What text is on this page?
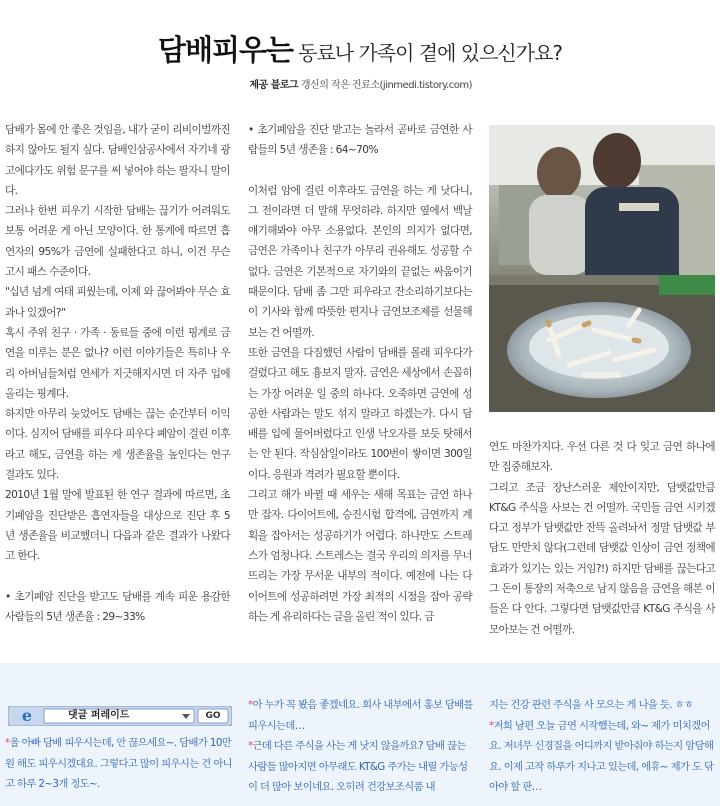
담배피우는 동료나 가족이 곁에 있으신가요?
제공 블로그 갱신의 작은 진료소(jinmedi.tistory.com)

담배가 몸에 안 좋은 것임을, 내가 굳이 리비이벌까진 하지 않아도 될지 싶다. 담배인삼공사에서 자기네 광고에다가도 위험 문구를 써 넣어야 하는 팔자니 말이다.

그러나 한번 피우기 시작한 담배는 끊기가 어려워도 보통 어려운 게 아닌 모양이다. 한 통계에 따르면 흡연자의 95%가 금연에 실패한다고 하니, 이건 무슨 고시 패스 수준이다.

"십년 넘게 여태 피웠는데, 이제 와 끊어봐야 무슨 효과나 있겠어?"

혹시 주위 친구 · 가족 · 동료들 중에 이런 핑계로 금연을 미루는 분은 없나? 이런 이야기들은 특히나 우리 아버님들처럼 연세가 지긋해지시면 더 자주 입에 올리는 핑계다.

하지만 아무리 늦었어도 담배는 끊는 순간부터 이익이다. 심지어 담배를 피우다 피우다 폐암이 걸린 이후라고 해도, 금연을 하는 게 생존율을 높인다는 연구 결과도 있다.

2010년 1월 말에 발표된 한 연구 결과에 따르면, 초기폐암을 진단받은 흡연자들을 대상으로 진단 후 5년 생존율을 비교했더니 다음과 같은 결과가 나왔다고 한다.

• 초기폐암 진단을 받고도 담배를 계속 피운 용감한 사람들의 5년 생존율 : 29~33%

• 초기폐암을 진단 받고는 놀라서 곧바로 금연한 사람들의 5년 생존율 : 64~70%

이처럼 암에 걸린 이후라도 금연을 하는 게 낫다니, 그 전이라면 더 말해 무엇하랴. 하지만 옆에서 백날 얘기해봐야 아무 소용없다. 본인의 의지가 없다면, 금연은 가족이나 친구가 아무리 권유해도 성공할 수 없다. 금연은 기본적으로 자기와의 끝없는 싸움이기 때문이다. 담배 좀 그만 피우라고 잔소리하기보다는 이 기사와 함께 따뜻한 편지나 금연보조제를 선물해보는 건 어떨까.

또한 금연을 다짐했던 사람이 담배를 몰래 피우다가 걸렸다고 해도 흉보지 말자. 금연은 세상에서 손꼽히는 가장 어려운 일 중의 하나다. 오죽하면 금연에 성공한 사람과는 말도 섞지 말라고 하겠는가. 다시 담배를 입에 물어버렸다고 인생 낙오자를 보듯 탓해서는 안 된다. 작심삼일이라도 100번이 쌓이면 300일이다. 응원과 격려가 필요할 뿐이다.

그리고 해가 바뀔 때 세우는 새해 목표는 금연 하나만 잡자. 다이어트에, 승진시험 합격에, 금연까지 계획을 잡아서는 성공하기가 어렵다. 하나만도 스트레스가 엄청나다. 스트레스는 결국 우리의 의지를 무너뜨리는 가장 무서운 내부의 적이다. 예전에 나는 다이어트에 성공하려면 가장 최적의 시점을 잡아 공략하는 게 유리하다는 글을 올린 적이 있다. 금

연도 마찬가지다. 우선 다른 것 다 잊고 금연 하나에만 집중해보자.

그리고 조금 장난스러운 제안이지만, 담뱃값만큼 KT&G 주식을 사보는 건 어떨까. 국민들 금연 시키겠다고 정부가 담뱃값만 잔뜩 올려놔서 정말 담뱃값 부담도 만만치 않다(그런데 담뱃값 인상이 금연 정책에 효과가 있기는 있는 거임?!) 하지만 담배를 끊는다고 그 돈이 통장의 저축으로 남지 않음을 금연을 해본 이들은 다 안다. 그렇다면 담뱃값만큼 KT&G 주식을 사 모아보는 건 어떨까.

e	댓글 퍼레이드	GO

*울 아빠 담배 피우시는데, 안 끊으세요~. 담배가 10만 원 해도 피우시겠대요. 그렇다고 많이 피우시는 건 아니고 하루 2~3개 정도~.

*아 누가 꼭 봤음 좋겠네요. 회사 내부에서 홍보 담배를 피우시는데…

*근데 다른 주식을 사는 게 낫지 않을까요? 담배 끊는 사람들 많아지면 아무래도 KT&G 주가는 내릴 가능성이 더 많아 보이네요. 오히려 건강보조식품 내

지는 건강 관련 주식을 사 모으는 게 나을 듯. ㅎㅎ

*저희 남편 오늘 금연 시작했는데, 와~ 제가 미치겠어요. 저녀무 신경질을 어디까지 받아줘야 하는지 암담해요. 이제 고작 하루가 지나고 있는데, 에휴~ 제가 도 닦아야 할 판…
